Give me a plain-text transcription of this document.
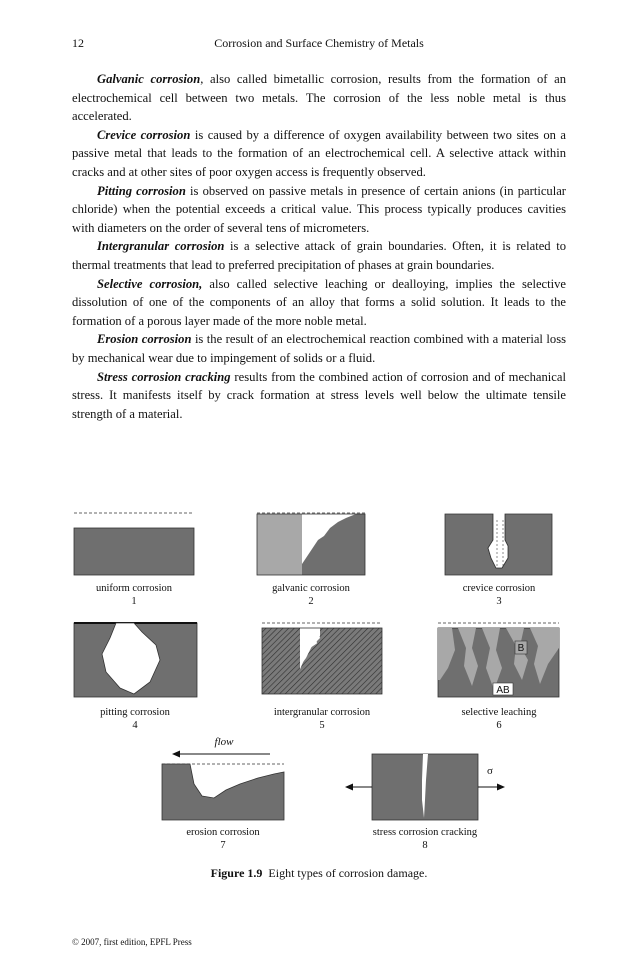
12	Corrosion and Surface Chemistry of Metals

Galvanic corrosion, also called bimetallic corrosion, results from the formation of an electrochemical cell between two metals. The corrosion of the less noble metal is thus accelerated.

Crevice corrosion is caused by a difference of oxygen availability between two sites on a passive metal that leads to the formation of an electrochemical cell. A selective attack within cracks and at other sites of poor oxygen access is frequently observed.

Pitting corrosion is observed on passive metals in presence of certain anions (in particular chloride) when the potential exceeds a critical value. This process typically produces cavities with diameters on the order of several tens of micrometers.

Intergranular corrosion is a selective attack of grain boundaries. Often, it is related to thermal treatments that lead to preferred precipitation of phases at grain boundaries.

Selective corrosion, also called selective leaching or dealloying, implies the selective dissolution of one of the components of an alloy that forms a solid solution. It leads to the formation of a porous layer made of the more noble metal.

Erosion corrosion is the result of an electrochemical reaction combined with a material loss by mechanical wear due to impingement of solids or a fluid.

Stress corrosion cracking results from the combined action of corrosion and of mechanical stress. It manifests itself by crack formation at stress levels well below the ultimate tensile strength of a material.

B
AB
flow
σ
uniform corrosion
1
galvanic corrosion
2
crevice corrosion
3
pitting corrosion
4
intergranular corrosion
5
selective leaching
6
erosion corrosion
7
stress corrosion cracking
8
Figure 1.9 Eight types of corrosion damage.
© 2007, first edition, EPFL Press
